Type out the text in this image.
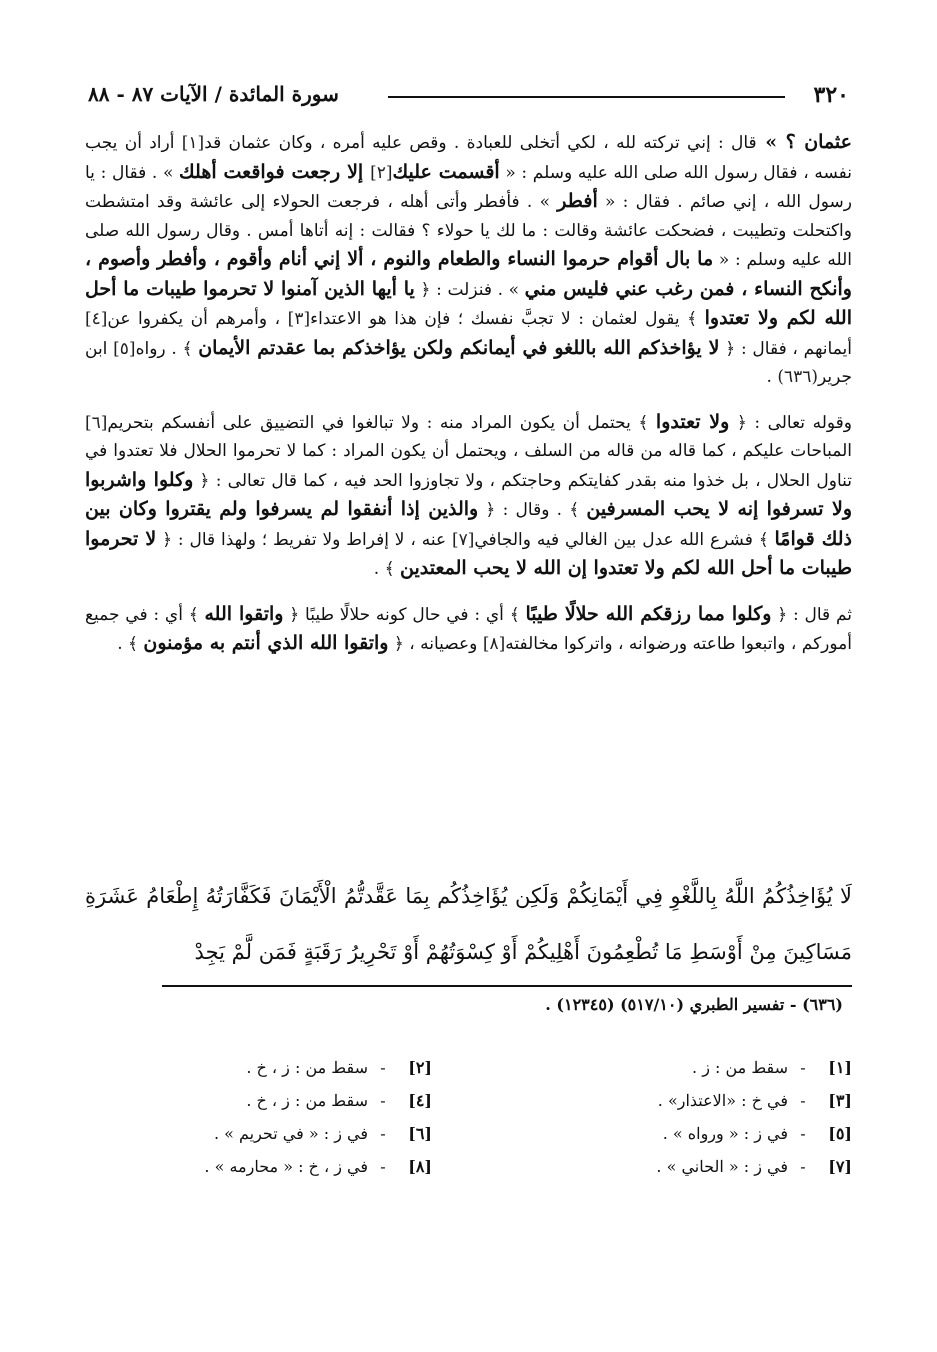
٣٢٠
سورة المائدة / الآيات ٨٧ - ٨٨

عثمان ؟ » قال : إني تركته لله ، لكي أتخلى للعبادة . وقص عليه أمره ، وكان عثمان قد[١] أراد أن يجب نفسه ، فقال رسول الله صلى الله عليه وسلم : « أقسمت عليك[٢] إلا رجعت فواقعت أهلك » . فقال : يا رسول الله ، إني صائم . فقال : « أفطر » . فأفطر وأتى أهله ، فرجعت الحولاء إلى عائشة وقد امتشطت واكتحلت وتطيبت ، فضحكت عائشة وقالت : ما لك يا حولاء ؟ فقالت : إنه أتاها أمس . وقال رسول الله صلى الله عليه وسلم : « ما بال أقوام حرموا النساء والطعام والنوم ، ألا إني أنام وأقوم ، وأفطر وأصوم ، وأنكح النساء ، فمن رغب عني فليس مني » . فنزلت : ﴿ يا أيها الذين آمنوا لا تحرموا طيبات ما أحل الله لكم ولا تعتدوا ﴾ يقول لعثمان : لا تجبَّ نفسك ؛ فإن هذا هو الاعتداء[٣] ، وأمرهم أن يكفروا عن[٤] أيمانهم ، فقال : ﴿ لا يؤاخذكم الله باللغو في أيمانكم ولكن يؤاخذكم بما عقدتم الأيمان ﴾ . رواه[٥] ابن جرير(٦٣٦) .

وقوله تعالى : ﴿ ولا تعتدوا ﴾ يحتمل أن يكون المراد منه : ولا تبالغوا في التضييق على أنفسكم بتحريم[٦] المباحات عليكم ، كما قاله من قاله من السلف ، ويحتمل أن يكون المراد : كما لا تحرموا الحلال فلا تعتدوا في تناول الحلال ، بل خذوا منه بقدر كفايتكم وحاجتكم ، ولا تجاوزوا الحد فيه ، كما قال تعالى : ﴿ وكلوا واشربوا ولا تسرفوا إنه لا يحب المسرفين ﴾ . وقال : ﴿ والذين إذا أنفقوا لم يسرفوا ولم يقتروا وكان بين ذلك قوامًا ﴾ فشرع الله عدل بين الغالي فيه والجافي[٧] عنه ، لا إفراط ولا تفريط ؛ ولهذا قال : ﴿ لا تحرموا طيبات ما أحل الله لكم ولا تعتدوا إن الله لا يحب المعتدين ﴾ .

ثم قال : ﴿ وكلوا مما رزقكم الله حلالًا طيبًا ﴾ أي : في حال كونه حلالًا طيبًا ﴿ واتقوا الله ﴾ أي : في جميع أموركم ، واتبعوا طاعته ورضوانه ، واتركوا مخالفته[٨] وعصيانه ، ﴿ واتقوا الله الذي أنتم به مؤمنون ﴾ .

لَا يُؤَاخِذُكُمُ اللَّهُ بِاللَّغْوِ فِي أَيْمَانِكُمْ وَلَكِن يُؤَاخِذُكُم بِمَا عَقَّدتُّمُ الْأَيْمَانَ فَكَفَّارَتُهُ إِطْعَامُ عَشَرَةِ مَسَاكِينَ مِنْ أَوْسَطِ مَا تُطْعِمُونَ أَهْلِيكُمْ أَوْ كِسْوَتُهُمْ أَوْ تَحْرِيرُ رَقَبَةٍ فَمَن لَّمْ يَجِدْ
(٦٣٦) - تفسير الطبري (٥١٧/١٠) (١٢٣٤٥) .
[١]-سقط من : ز .
[٢]-سقط من : ز ، خ .
[٣]-في خ : «الاعتذار» .
[٤]-سقط من : ز ، خ .
[٥]-في ز : « ورواه » .
[٦]-في ز : « في تحريم » .
[٧]-في ز : « الحاني » .
[٨]-في ز ، خ : « محارمه » .
